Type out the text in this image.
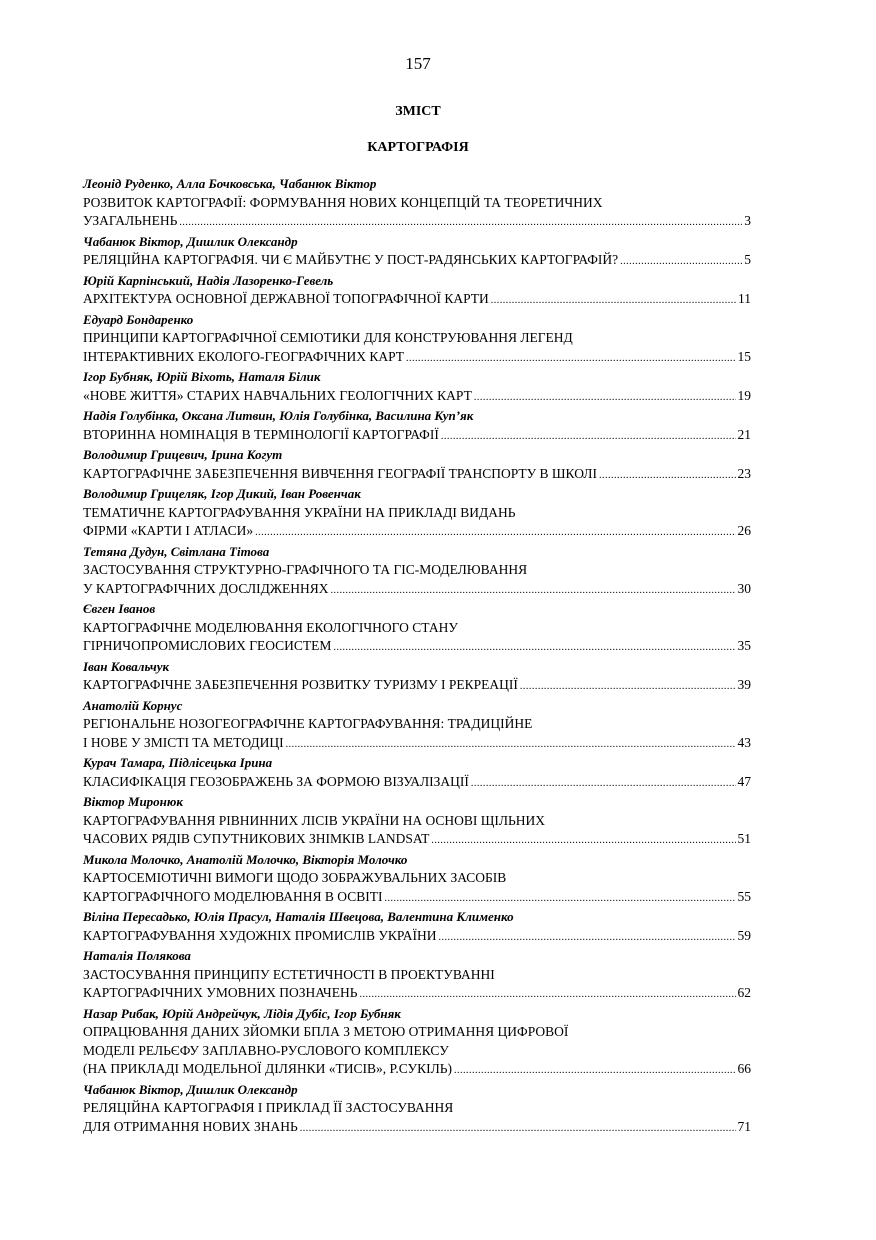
157
ЗМІСТ
КАРТОГРАФІЯ
Леонід Руденко, Алла Бочковська, Чабанюк Віктор
РОЗВИТОК КАРТОГРАФІЇ: ФОРМУВАННЯ НОВИХ КОНЦЕПЦІЙ ТА ТЕОРЕТИЧНИХ
УЗАГАЛЬНЕНЬ .....	3
Чабанюк Віктор, Дишлик Олександр
РЕЛЯЦІЙНА КАРТОГРАФІЯ. ЧИ Є МАЙБУТНЄ У ПОСТ-РАДЯНСЬКИХ КАРТОГРАФІЙ? .....	5
Юрій Карпінський, Надія Лазоренко-Гевель
АРХІТЕКТУРА ОСНОВНОЇ ДЕРЖАВНОЇ ТОПОГРАФІЧНОЇ КАРТИ .....	11
Едуард Бондаренко
ПРИНЦИПИ КАРТОГРАФІЧНОЇ СЕМІОТИКИ ДЛЯ КОНСТРУЮВАННЯ ЛЕГЕНД
ІНТЕРАКТИВНИХ ЕКОЛОГО-ГЕОГРАФІЧНИХ КАРТ .....	15
Ігор Бубняк, Юрій Віхоть, Наталя Білик
«НОВЕ ЖИТТЯ» СТАРИХ НАВЧАЛЬНИХ ГЕОЛОГІЧНИХ КАРТ .....	19
Надія Голубінка, Оксана Литвин, Юлія Голубінка, Василина Куп’як
ВТОРИННА НОМІНАЦІЯ В ТЕРМІНОЛОГІЇ КАРТОГРАФІЇ .....	21
Володимир Грицевич, Ірина Когут
КАРТОГРАФІЧНЕ ЗАБЕЗПЕЧЕННЯ ВИВЧЕННЯ ГЕОГРАФІЇ ТРАНСПОРТУ В ШКОЛІ .....	23
Володимир Грицеляк, Ігор Дикий, Іван Ровенчак
ТЕМАТИЧНЕ КАРТОГРАФУВАННЯ УКРАЇНИ НА ПРИКЛАДІ ВИДАНЬ
ФІРМИ «КАРТИ І АТЛАСИ» .....	26
Тетяна Дудун, Світлана Тітова
ЗАСТОСУВАННЯ СТРУКТУРНО-ГРАФІЧНОГО ТА ГІС-МОДЕЛЮВАННЯ
У КАРТОГРАФІЧНИХ ДОСЛІДЖЕННЯХ .....	30
Євген Іванов
КАРТОГРАФІЧНЕ МОДЕЛЮВАННЯ ЕКОЛОГІЧНОГО СТАНУ
ГІРНИЧОПРОМИСЛОВИХ ГЕОСИСТЕМ .....	35
Іван Ковальчук
КАРТОГРАФІЧНЕ ЗАБЕЗПЕЧЕННЯ РОЗВИТКУ ТУРИЗМУ І РЕКРЕАЦІЇ .....	39
Анатолій Корнус
РЕГІОНАЛЬНЕ НОЗОГЕОГРАФІЧНЕ КАРТОГРАФУВАННЯ: ТРАДИЦІЙНЕ
І НОВЕ У ЗМІСТІ ТА МЕТОДИЦІ .....	43
Курач Тамара, Підлісецька Ірина
КЛАСИФІКАЦІЯ ГЕОЗОБРАЖЕНЬ ЗА ФОРМОЮ ВІЗУАЛІЗАЦІЇ .....	47
Віктор Миронюк
КАРТОГРАФУВАННЯ РІВНИННИХ ЛІСІВ УКРАЇНИ НА ОСНОВІ ЩІЛЬНИХ
ЧАСОВИХ РЯДІВ СУПУТНИКОВИХ ЗНІМКІВ LANDSAT .....	51
Микола Молочко, Анатолій Молочко, Вікторія Молочко
КАРТОСЕМІОТИЧНІ ВИМОГИ ЩОДО ЗОБРАЖУВАЛЬНИХ ЗАСОБІВ
КАРТОГРАФІЧНОГО МОДЕЛЮВАННЯ В ОСВІТІ .....	55
Віліна Пересадько, Юлія Прасул, Наталія Швецова, Валентина Клименко
КАРТОГРАФУВАННЯ ХУДОЖНІХ ПРОМИСЛІВ УКРАЇНИ .....	59
Наталія Полякова
ЗАСТОСУВАННЯ ПРИНЦИПУ ЕСТЕТИЧНОСТІ В ПРОЕКТУВАННІ
КАРТОГРАФІЧНИХ УМОВНИХ ПОЗНАЧЕНЬ .....	62
Назар Рибак, Юрій Андрейчук, Лідія Дубіс, Ігор Бубняк
ОПРАЦЮВАННЯ ДАНИХ ЗЙОМКИ БПЛА З МЕТОЮ ОТРИМАННЯ ЦИФРОВОЇ
МОДЕЛІ РЕЛЬЄФУ ЗАПЛАВНО-РУСЛОВОГО КОМПЛЕКСУ
(НА ПРИКЛАДІ МОДЕЛЬНОЇ ДІЛЯНКИ «ТИСІВ», Р.СУКІЛЬ) .....	66
Чабанюк Віктор, Дишлик Олександр
РЕЛЯЦІЙНА КАРТОГРАФІЯ І ПРИКЛАД ЇЇ ЗАСТОСУВАННЯ
ДЛЯ ОТРИМАННЯ НОВИХ ЗНАНЬ .....	71
